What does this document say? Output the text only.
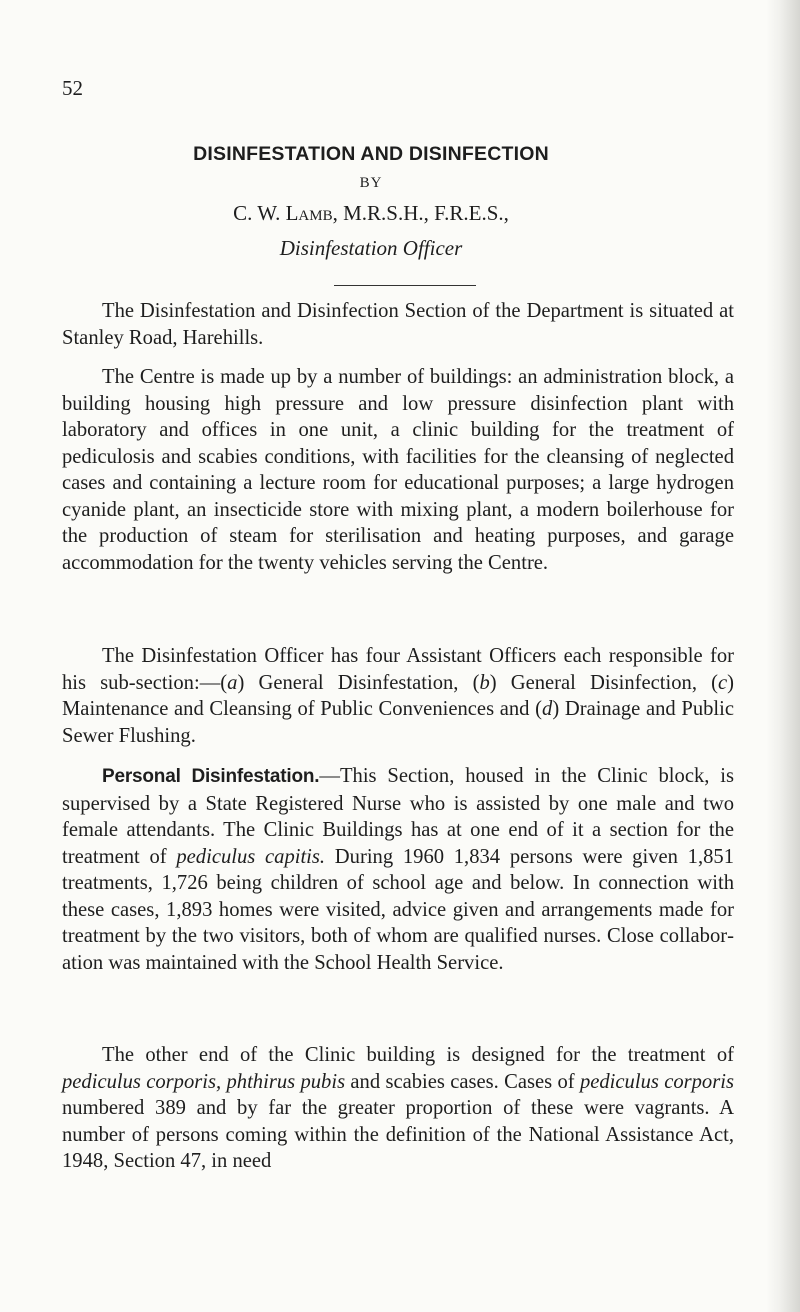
52
DISINFESTATION AND DISINFECTION
BY
C. W. Lamb, M.R.S.H., F.R.E.S.,
Disinfestation Officer
The Disinfestation and Disinfection Section of the Department is situated at Stanley Road, Harehills.
The Centre is made up by a number of buildings: an administration block, a building housing high pressure and low pressure disinfection plant with laboratory and offices in one unit, a clinic building for the treatment of pediculosis and scabies conditions, with facilities for the cleansing of neglected cases and containing a lecture room for educational purposes; a large hydrogen cyanide plant, an insecticide store with mixing plant, a modern boilerhouse for the production of steam for sterilisation and heating purposes, and garage accommodation for the twenty vehicles serving the Centre.
The Disinfestation Officer has four Assistant Officers each responsible for his sub-section:—(a) General Disinfestation, (b) General Disinfection, (c) Maintenance and Cleansing of Public Conveniences and (d) Drainage and Public Sewer Flushing.
Personal Disinfestation.—This Section, housed in the Clinic block, is supervised by a State Registered Nurse who is assisted by one male and two female attendants. The Clinic Buildings has at one end of it a section for the treatment of pediculus capitis. During 1960 1,834 persons were given 1,851 treatments, 1,726 being children of school age and below. In connection with these cases, 1,893 homes were visited, advice given and arrangements made for treatment by the two visitors, both of whom are qualified nurses. Close collaboration was maintained with the School Health Service.
The other end of the Clinic building is designed for the treatment of pediculus corporis, phthirus pubis and scabies cases. Cases of pediculus corporis numbered 389 and by far the greater proportion of these were vagrants. A number of persons coming within the definition of the National Assistance Act, 1948, Section 47, in need
